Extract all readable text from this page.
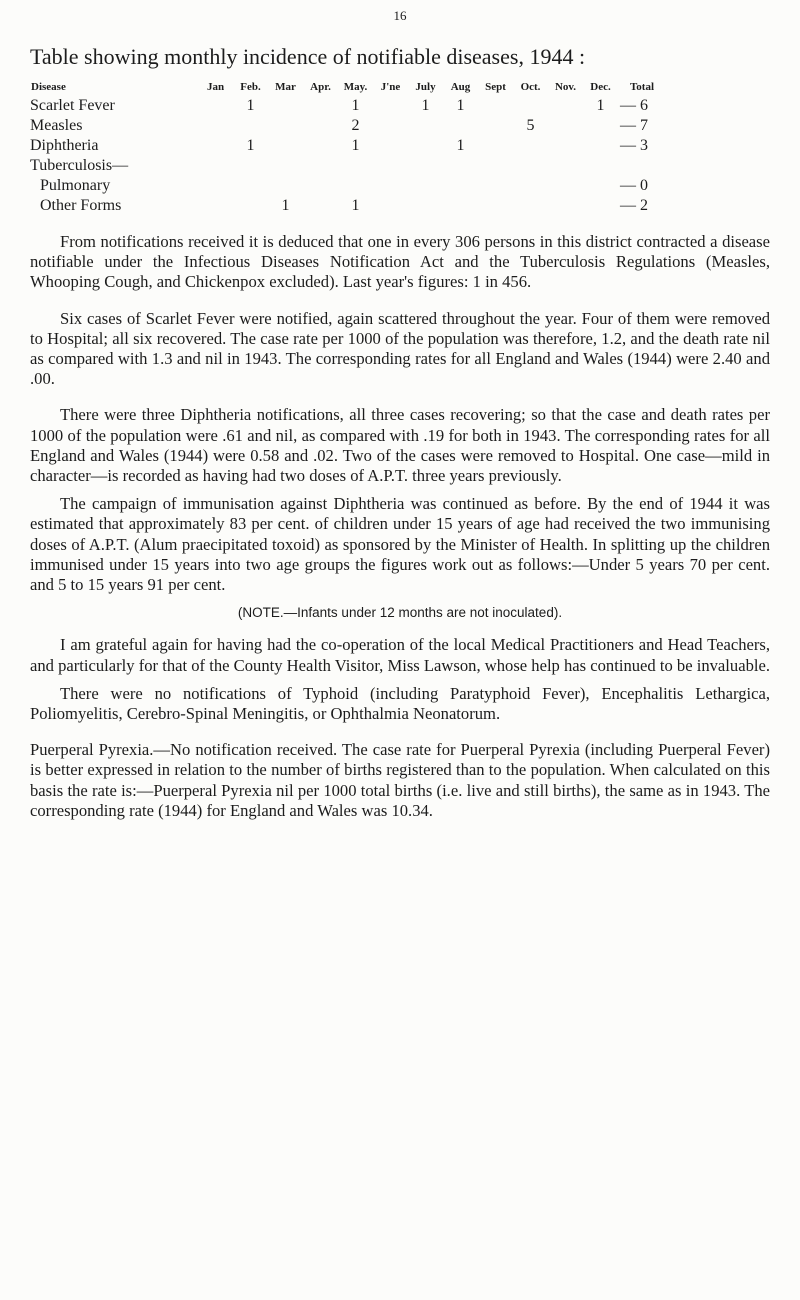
16
Table showing monthly incidence of notifiable diseases, 1944 :
Disease	Jan	Feb.	Mar	Apr.	May.	J'ne	July	Aug	Sept	Oct.	Nov.	Dec.	Total
Scarlet Fever		1			1		1	1				1	— 6
Measles					2					5			— 7
Diphtheria		1			1			1					— 3
Tuberculosis—													
Pulmonary													— 0
Other Forms			1		1								— 2

From notifications received it is deduced that one in every 306 persons in this district contracted a disease notifiable under the Infectious Diseases Notification Act and the Tuberculosis Regulations (Measles, Whooping Cough, and Chickenpox excluded). Last year's figures: 1 in 456.

Six cases of Scarlet Fever were notified, again scattered throughout the year. Four of them were removed to Hospital; all six recovered. The case rate per 1000 of the population was therefore, 1.2, and the death rate nil as compared with 1.3 and nil in 1943. The corresponding rates for all England and Wales (1944) were 2.40 and .00.

There were three Diphtheria notifications, all three cases recovering; so that the case and death rates per 1000 of the population were .61 and nil, as compared with .19 for both in 1943. The corresponding rates for all England and Wales (1944) were 0.58 and .02. Two of the cases were removed to Hospital. One case—mild in character—is recorded as having had two doses of A.P.T. three years previously.

The campaign of immunisation against Diphtheria was continued as before. By the end of 1944 it was estimated that approximately 83 per cent. of children under 15 years of age had received the two immunising doses of A.P.T. (Alum praecipitated toxoid) as sponsored by the Minister of Health. In splitting up the children immunised under 15 years into two age groups the figures work out as follows:—Under 5 years 70 per cent. and 5 to 15 years 91 per cent.

(NOTE.—Infants under 12 months are not inoculated).

I am grateful again for having had the co-operation of the local Medical Practitioners and Head Teachers, and particularly for that of the County Health Visitor, Miss Lawson, whose help has continued to be invaluable.

There were no notifications of Typhoid (including Paratyphoid Fever), Encephalitis Lethargica, Poliomyelitis, Cerebro-Spinal Meningitis, or Ophthalmia Neonatorum.

Puerperal Pyrexia.—No notification received. The case rate for Puerperal Pyrexia (including Puerperal Fever) is better expressed in relation to the number of births registered than to the population. When calculated on this basis the rate is:—Puerperal Pyrexia nil per 1000 total births (i.e. live and still births), the same as in 1943. The corresponding rate (1944) for England and Wales was 10.34.
